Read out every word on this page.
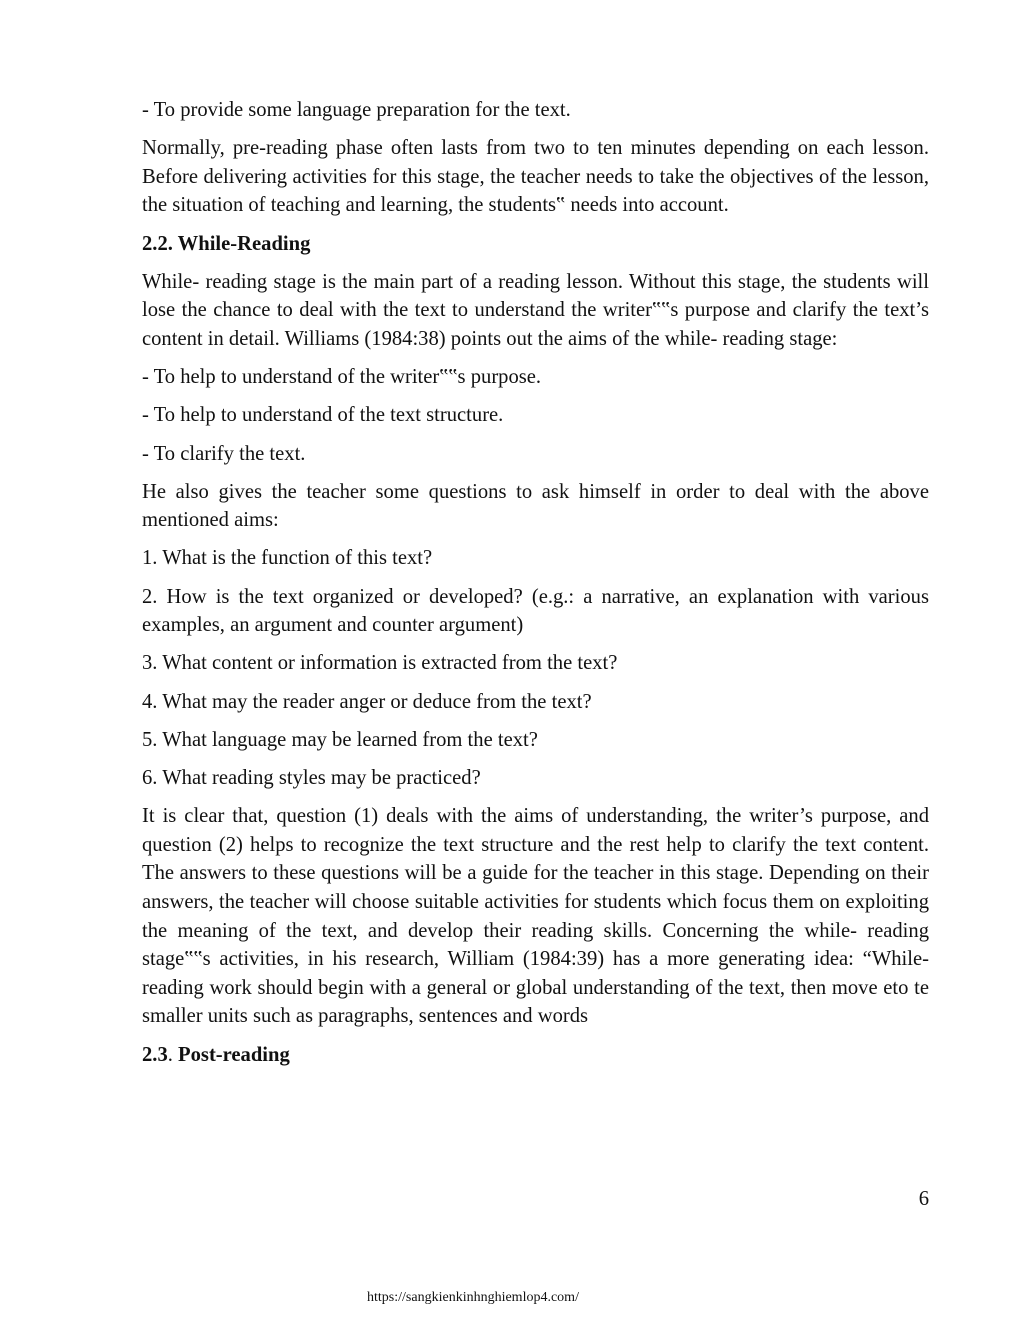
- To provide some language preparation for the text.

Normally, pre-reading phase often lasts from two to ten minutes depending on each lesson. Before delivering activities for this stage, the teacher needs to take the objectives of the lesson, the situation of teaching and learning, the students‟ needs into account.

2.2. While-Reading

While- reading stage is the main part of a reading lesson. Without this stage, the students will lose the chance to deal with the text to understand the writer‟‟s purpose and clarify the text’s content in detail. Williams (1984:38) points out the aims of the while- reading stage:

- To help to understand of the writer‟‟s purpose.

- To help to understand of the text structure.

- To clarify the text.

He also gives the teacher some questions to ask himself in order to deal with the above mentioned aims:

1. What is the function of this text?

2. How is the text organized or developed? (e.g.: a narrative, an explanation with various examples, an argument and counter argument)

3. What content or information is extracted from the text?

4. What may the reader anger or deduce from the text?

5. What language may be learned from the text?

6. What reading styles may be practiced?

It is clear that, question (1) deals with the aims of understanding, the writer’s purpose, and question (2) helps to recognize the text structure and the rest help to clarify the text content. The answers to these questions will be a guide for the teacher in this stage. Depending on their answers, the teacher will choose suitable activities for students which focus them on exploiting the meaning of the text, and develop their reading skills. Concerning the while- reading stage‟‟s activities, in his research, William (1984:39) has a more generating idea: “While- reading work should begin with a general or global understanding of the text, then move eto te smaller units such as paragraphs, sentences and words

2.3. Post-reading

6
https://sangkienkinhnghiemlop4.com/
